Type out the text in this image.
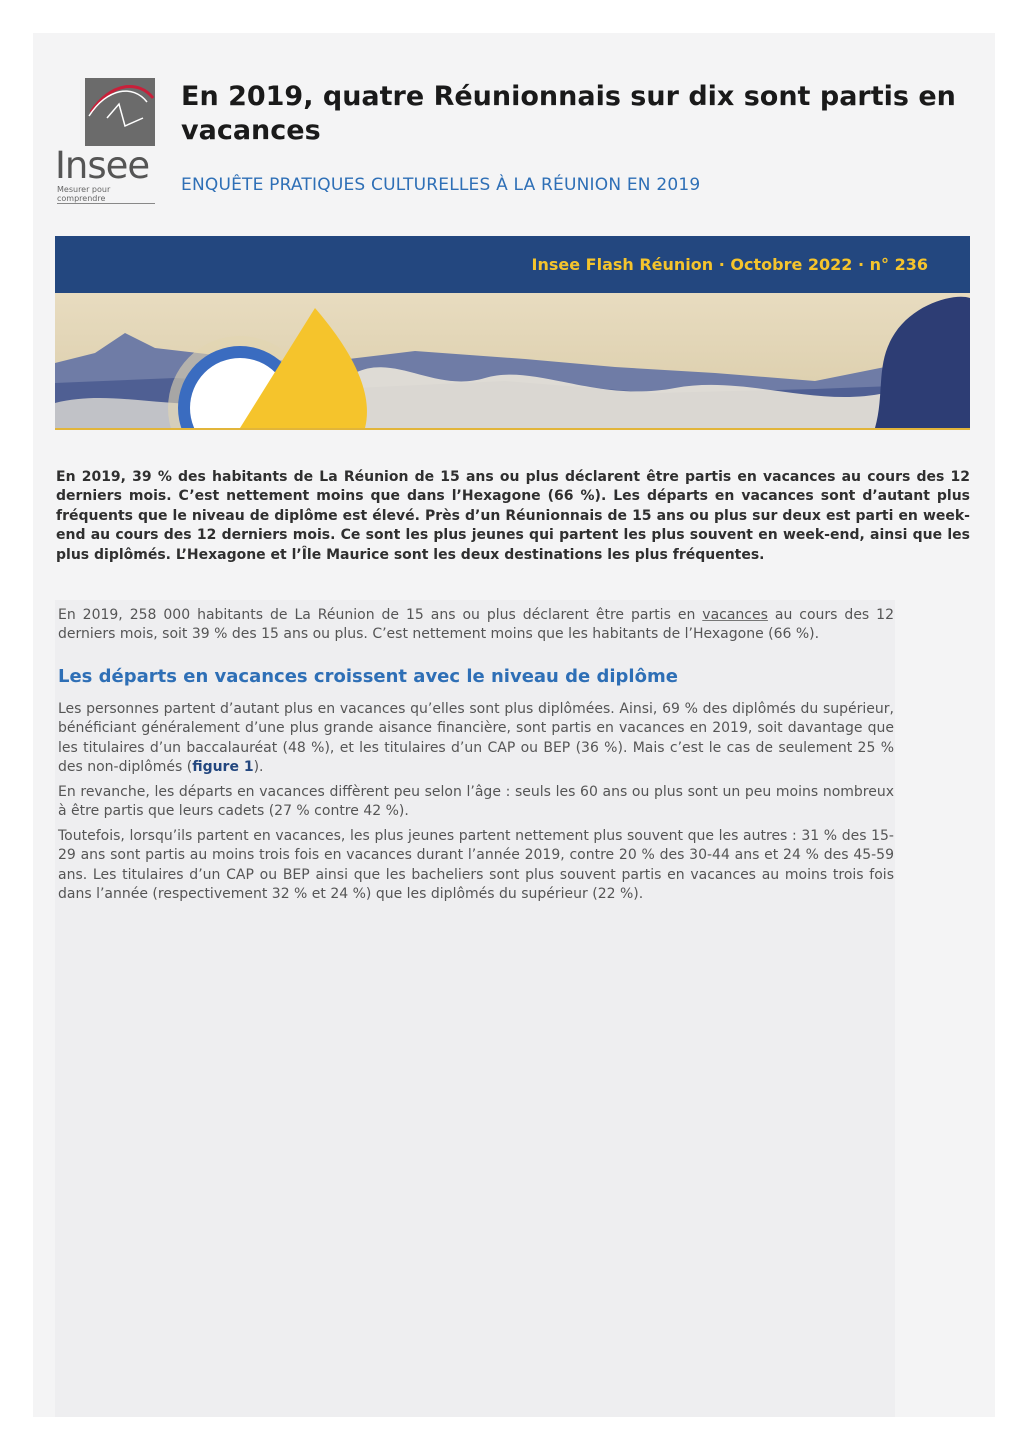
Insee
Mesurer pour comprendre
En 2019, quatre Réunionnais sur dix sont partis en vacances
ENQUÊTE PRATIQUES CULTURELLES À LA RÉUNION EN 2019
Insee Flash Réunion · Octobre 2022 · n° 236

En 2019, 39 % des habitants de La Réunion de 15 ans ou plus déclarent être partis en vacances au cours des 12 derniers mois. C’est nettement moins que dans l’Hexagone (66 %). Les départs en vacances sont d’autant plus fréquents que le niveau de diplôme est élevé. Près d’un Réunionnais de 15 ans ou plus sur deux est parti en week-end au cours des 12 derniers mois. Ce sont les plus jeunes qui partent les plus souvent en week-end, ainsi que les plus diplômés. L’Hexagone et l’Île Maurice sont les deux destinations les plus fréquentes.

En 2019, 258 000 habitants de La Réunion de 15 ans ou plus déclarent être partis en vacances au cours des 12 derniers mois, soit 39 % des 15 ans ou plus. C’est nettement moins que les habitants de l’Hexagone (66 %).

Les départs en vacances croissent avec le niveau de diplôme

Les personnes partent d’autant plus en vacances qu’elles sont plus diplômées. Ainsi, 69 % des diplômés du supérieur, bénéficiant généralement d’une plus grande aisance financière, sont partis en vacances en 2019, soit davantage que les titulaires d’un baccalauréat (48 %), et les titulaires d’un CAP ou BEP (36 %). Mais c’est le cas de seulement 25 % des non-diplômés (figure 1).

En revanche, les départs en vacances diffèrent peu selon l’âge : seuls les 60 ans ou plus sont un peu moins nombreux à être partis que leurs cadets (27 % contre 42 %).

Toutefois, lorsqu’ils partent en vacances, les plus jeunes partent nettement plus souvent que les autres : 31 % des 15-29 ans sont partis au moins trois fois en vacances durant l’année 2019, contre 20 % des 30-44 ans et 24 % des 45-59 ans. Les titulaires d’un CAP ou BEP ainsi que les bacheliers sont plus souvent partis en vacances au moins trois fois dans l’année (respectivement 32 % et 24 %) que les diplômés du supérieur (22 %).
